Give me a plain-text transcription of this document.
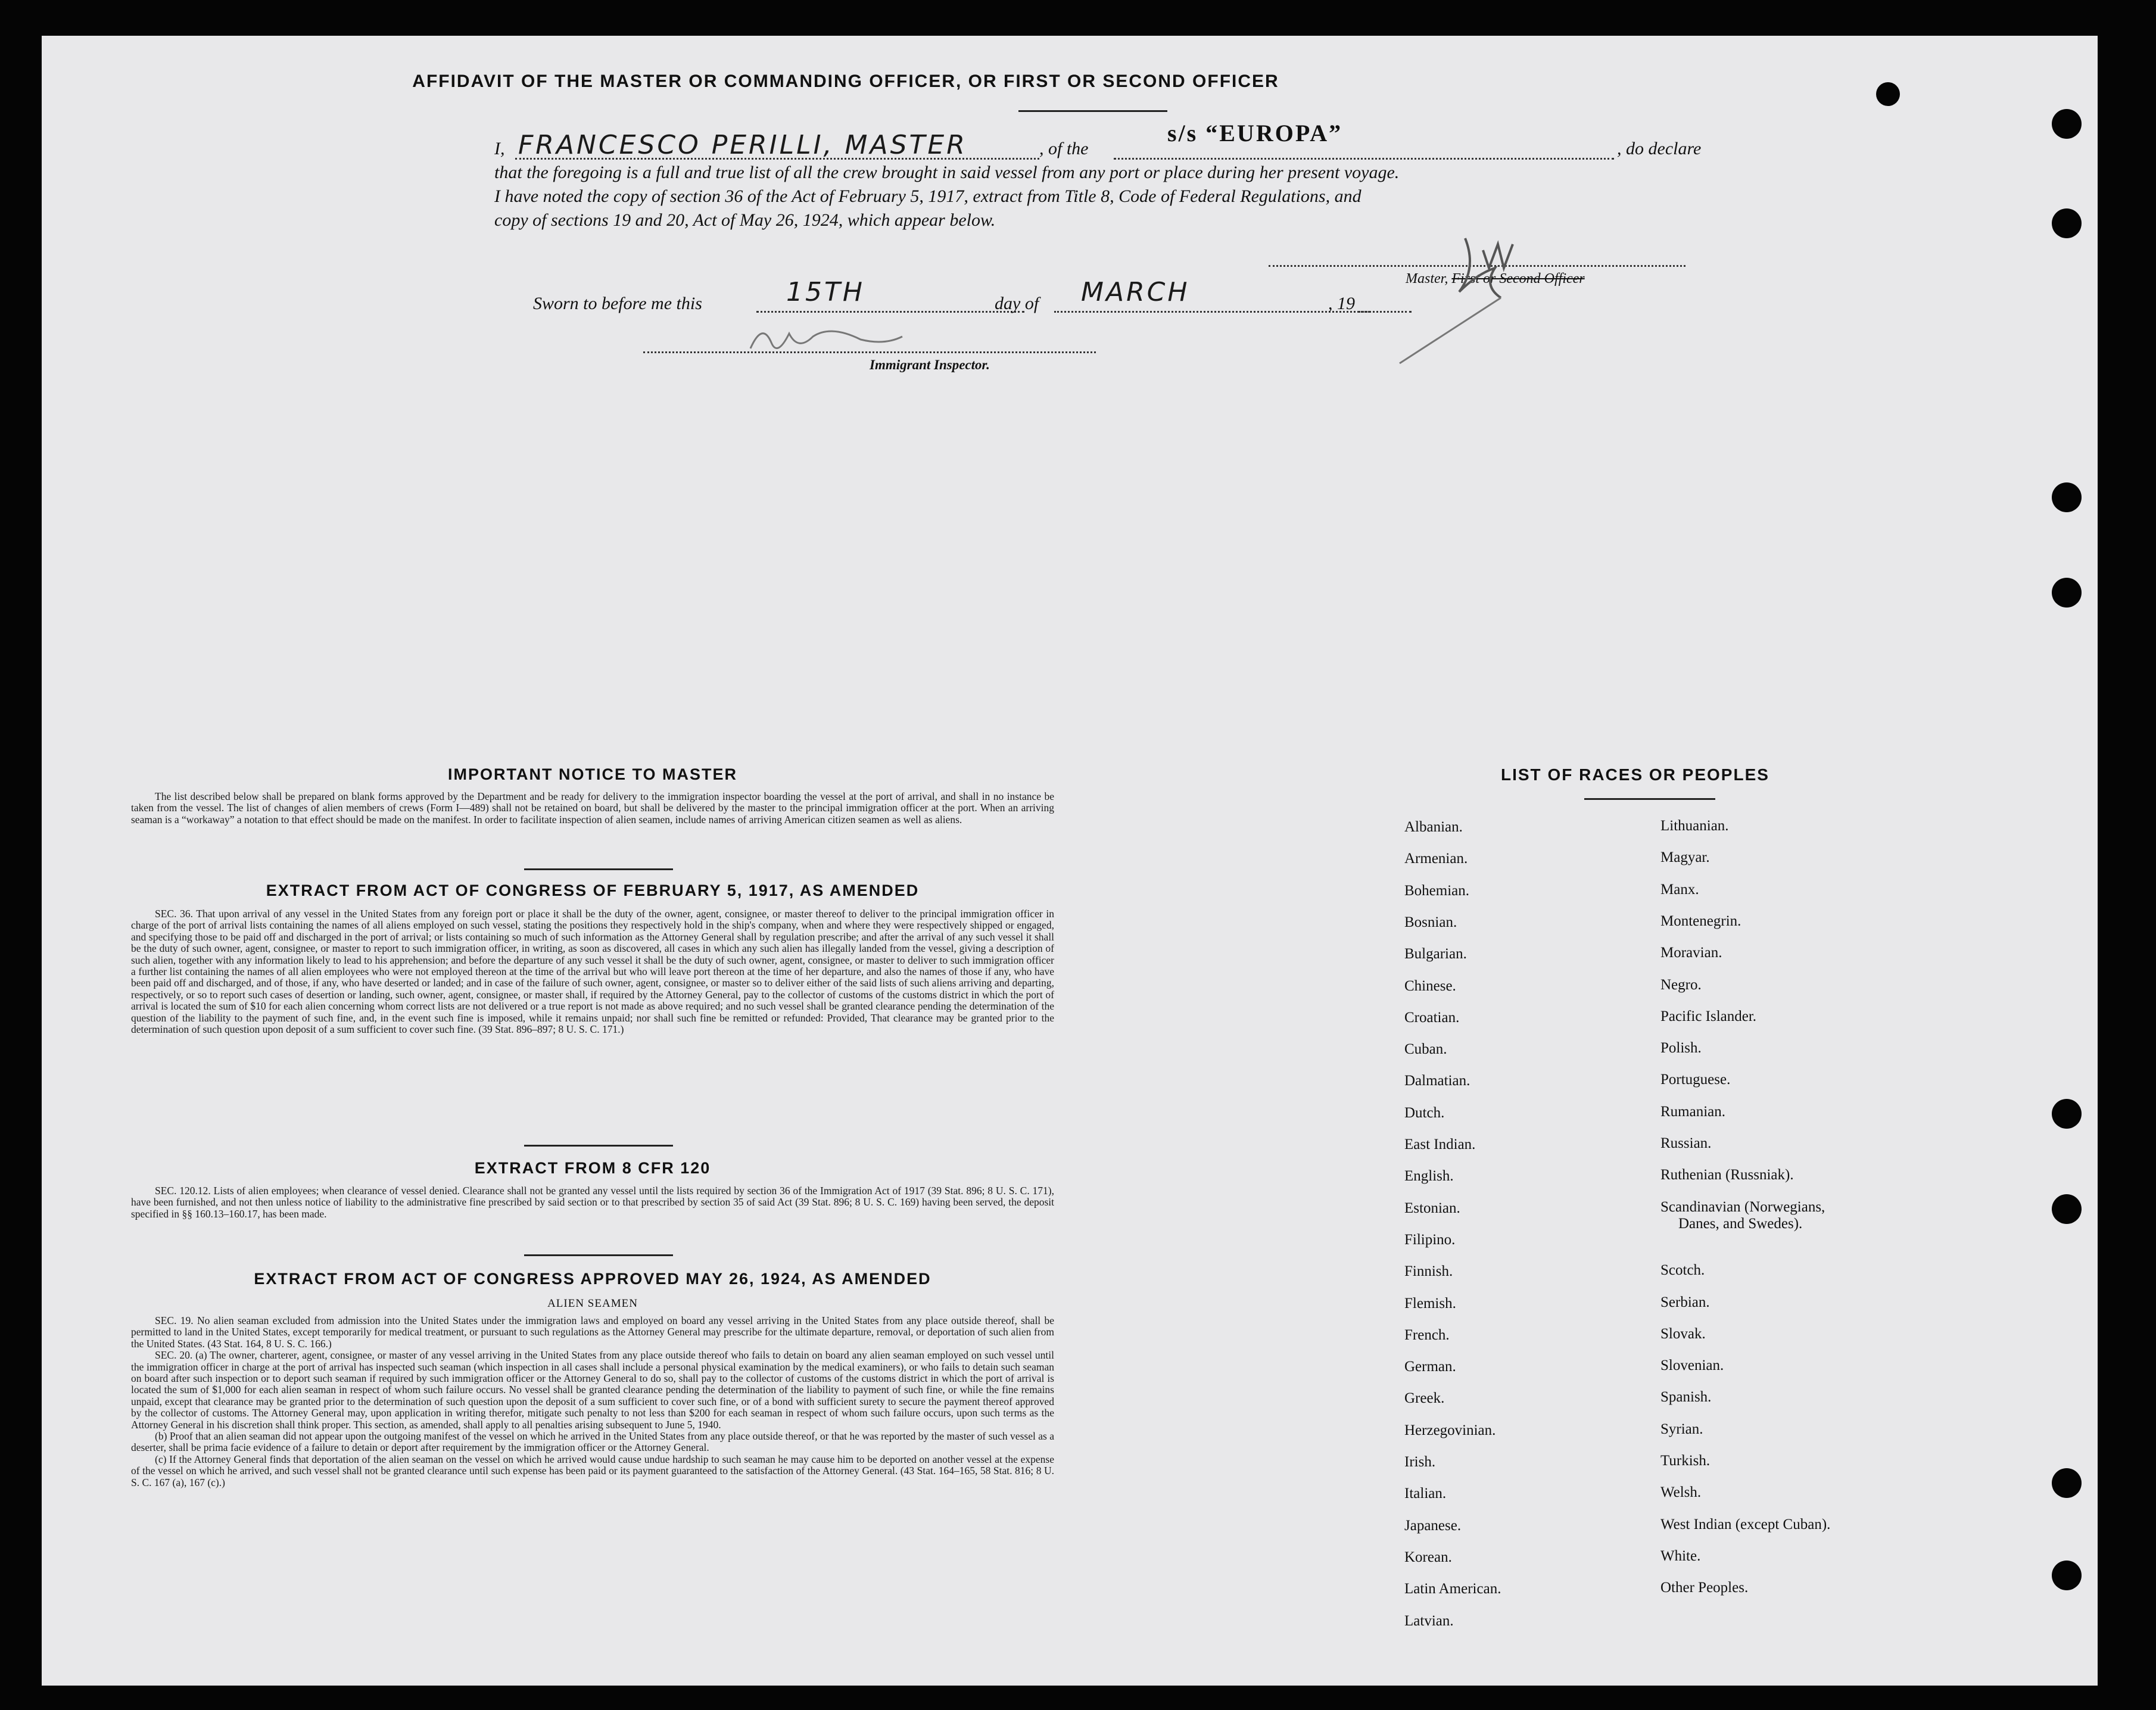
AFFIDAVIT OF THE MASTER OR COMMANDING OFFICER, OR FIRST OR SECOND OFFICER
I, FRANCESCO PERILLI, MASTER	, of the
s/s “EUROPA”
, do declare
that the foregoing is a full and true list of all the crew brought in said vessel from any port or place during her present voyage.
I have noted the copy of section 36 of the Act of February 5, 1917, extract from Title 8, Code of Federal Regulations, and
copy of sections 19 and 20, Act of May 26, 1924, which appear below.
Sworn to before me this	15TH	day of MARCH	, 19
Master, First or Second Officer
Immigrant Inspector.
IMPORTANT NOTICE TO MASTER

The list described below shall be prepared on blank forms approved by the Department and be ready for delivery to the immigration inspector boarding the vessel at the port of arrival, and shall in no instance be taken from the vessel. The list of changes of alien members of crews (Form I—489) shall not be retained on board, but shall be delivered by the master to the principal immigration officer at the port. When an arriving seaman is a “workaway” a notation to that effect should be made on the manifest. In order to facilitate inspection of alien seamen, include names of arriving American citizen seamen as well as aliens.

EXTRACT FROM ACT OF CONGRESS OF FEBRUARY 5, 1917, AS AMENDED

SEC. 36. That upon arrival of any vessel in the United States from any foreign port or place it shall be the duty of the owner, agent, consignee, or master thereof to deliver to the principal immigration officer in charge of the port of arrival lists containing the names of all aliens employed on such vessel, stating the positions they respectively hold in the ship's company, when and where they were respectively shipped or engaged, and specifying those to be paid off and discharged in the port of arrival; or lists containing so much of such information as the Attorney General shall by regulation prescribe; and after the arrival of any such vessel it shall be the duty of such owner, agent, consignee, or master to report to such immigration officer, in writing, as soon as discovered, all cases in which any such alien has illegally landed from the vessel, giving a description of such alien, together with any information likely to lead to his apprehension; and before the departure of any such vessel it shall be the duty of such owner, agent, consignee, or master to deliver to such immigration officer a further list containing the names of all alien employees who were not employed thereon at the time of the arrival but who will leave port thereon at the time of her departure, and also the names of those if any, who have been paid off and discharged, and of those, if any, who have deserted or landed; and in case of the failure of such owner, agent, consignee, or master so to deliver either of the said lists of such aliens arriving and departing, respectively, or so to report such cases of desertion or landing, such owner, agent, consignee, or master shall, if required by the Attorney General, pay to the collector of customs of the customs district in which the port of arrival is located the sum of $10 for each alien concerning whom correct lists are not delivered or a true report is not made as above required; and no such vessel shall be granted clearance pending the determination of the question of the liability to the payment of such fine, and, in the event such fine is imposed, while it remains unpaid; nor shall such fine be remitted or refunded: Provided, That clearance may be granted prior to the determination of such question upon deposit of a sum sufficient to cover such fine. (39 Stat. 896–897; 8 U. S. C. 171.)

EXTRACT FROM 8 CFR 120

SEC. 120.12. Lists of alien employees; when clearance of vessel denied. Clearance shall not be granted any vessel until the lists required by section 36 of the Immigration Act of 1917 (39 Stat. 896; 8 U. S. C. 171), have been furnished, and not then unless notice of liability to the administrative fine prescribed by said section or to that prescribed by section 35 of said Act (39 Stat. 896; 8 U. S. C. 169) having been served, the deposit specified in §§ 160.13–160.17, has been made.

EXTRACT FROM ACT OF CONGRESS APPROVED MAY 26, 1924, AS AMENDED
ALIEN SEAMEN

SEC. 19. No alien seaman excluded from admission into the United States under the immigration laws and employed on board any vessel arriving in the United States from any place outside thereof, shall be permitted to land in the United States, except temporarily for medical treatment, or pursuant to such regulations as the Attorney General may prescribe for the ultimate departure, removal, or deportation of such alien from the United States. (43 Stat. 164, 8 U. S. C. 166.)

SEC. 20. (a) The owner, charterer, agent, consignee, or master of any vessel arriving in the United States from any place outside thereof who fails to detain on board any alien seaman employed on such vessel until the immigration officer in charge at the port of arrival has inspected such seaman (which inspection in all cases shall include a personal physical examination by the medical examiners), or who fails to detain such seaman on board after such inspection or to deport such seaman if required by such immigration officer or the Attorney General to do so, shall pay to the collector of customs of the customs district in which the port of arrival is located the sum of $1,000 for each alien seaman in respect of whom such failure occurs. No vessel shall be granted clearance pending the determination of the liability to payment of such fine, or while the fine remains unpaid, except that clearance may be granted prior to the determination of such question upon the deposit of a sum sufficient to cover such fine, or of a bond with sufficient surety to secure the payment thereof approved by the collector of customs. The Attorney General may, upon application in writing therefor, mitigate such penalty to not less than $200 for each seaman in respect of whom such failure occurs, upon such terms as the Attorney General in his discretion shall think proper. This section, as amended, shall apply to all penalties arising subsequent to June 5, 1940.

(b) Proof that an alien seaman did not appear upon the outgoing manifest of the vessel on which he arrived in the United States from any place outside thereof, or that he was reported by the master of such vessel as a deserter, shall be prima facie evidence of a failure to detain or deport after requirement by the immigration officer or the Attorney General.

(c) If the Attorney General finds that deportation of the alien seaman on the vessel on which he arrived would cause undue hardship to such seaman he may cause him to be deported on another vessel at the expense of the vessel on which he arrived, and such vessel shall not be granted clearance until such expense has been paid or its payment guaranteed to the satisfaction of the Attorney General. (43 Stat. 164–165, 58 Stat. 816; 8 U. S. C. 167 (a), 167 (c).)

LIST OF RACES OR PEOPLES
Albanian.
Armenian.
Bohemian.
Bosnian.
Bulgarian.
Chinese.
Croatian.
Cuban.
Dalmatian.
Dutch.
East Indian.
English.
Estonian.
Filipino.
Finnish.
Flemish.
French.
German.
Greek.
Herzegovinian.
Irish.
Italian.
Japanese.
Korean.
Latin American.
Latvian.
Lithuanian.
Magyar.
Manx.
Montenegrin.
Moravian.
Negro.
Pacific Islander.
Polish.
Portuguese.
Rumanian.
Russian.
Ruthenian (Russniak).
Scandinavian (Norwegians,
Danes, and Swedes).
Scotch.
Serbian.
Slovak.
Slovenian.
Spanish.
Syrian.
Turkish.
Welsh.
West Indian (except Cuban).
White.
Other Peoples.
